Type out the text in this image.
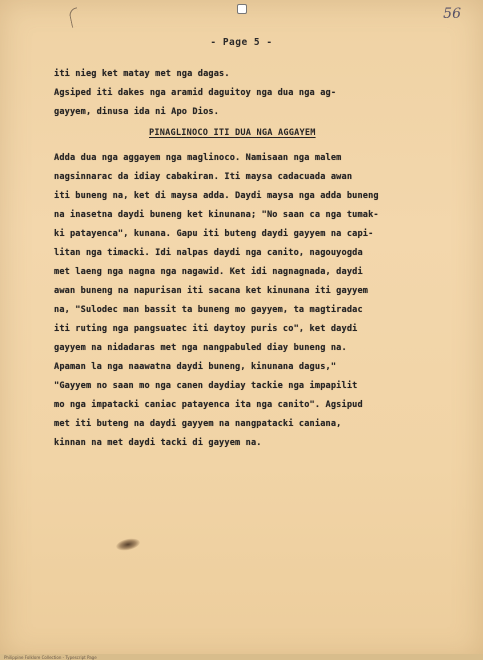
56
- Page 5 -
iti nieg ket matay met nga dagas.
Agsiped iti dakes nga aramid daguitoy nga dua nga ag-
gayyem, dinusa ida ni Apo Dios.
PINAGLINOCO ITI DUA NGA AGGAYEM
Adda dua nga aggayem nga maglinoco. Namisaan nga malem
nagsinnarac da idiay cabakiran. Iti maysa cadacuada awan
iti buneng na, ket di maysa adda. Daydi maysa nga adda buneng
na inasetna daydi buneng ket kinunana; "No saan ca nga tumak-
ki patayencа", kunana. Gapu iti buteng daydi gayyem na capi-
litan nga timacki. Idi nalpas daydi nga canito, nagouyogda
met laeng nga nagna nga nagawid. Ket idi nagnagnada, daydi
awan buneng na napurisan iti sacana ket kinunana iti gayyem
na, "Sulodec man bassit ta buneng mo gayyem, ta magtiradac
iti ruting nga pangsuatec iti daytoy puris co", ket daydi
gayyem na nidadaras met nga nangpabuled diay buneng na.
Apaman la nga naawatna daydi buneng, kinunana dagus,"
"Gayyem no saan mo nga canen daydiay tackie nga impapilit
mo nga impatacki caniac patayenca ita nga canito". Agsipud
met iti buteng na daydi gayyem na nangpatacki caniana,
kinnan na met daydi tacki di gayyem na.
Philippine Folklore Collection - Typescript Page
